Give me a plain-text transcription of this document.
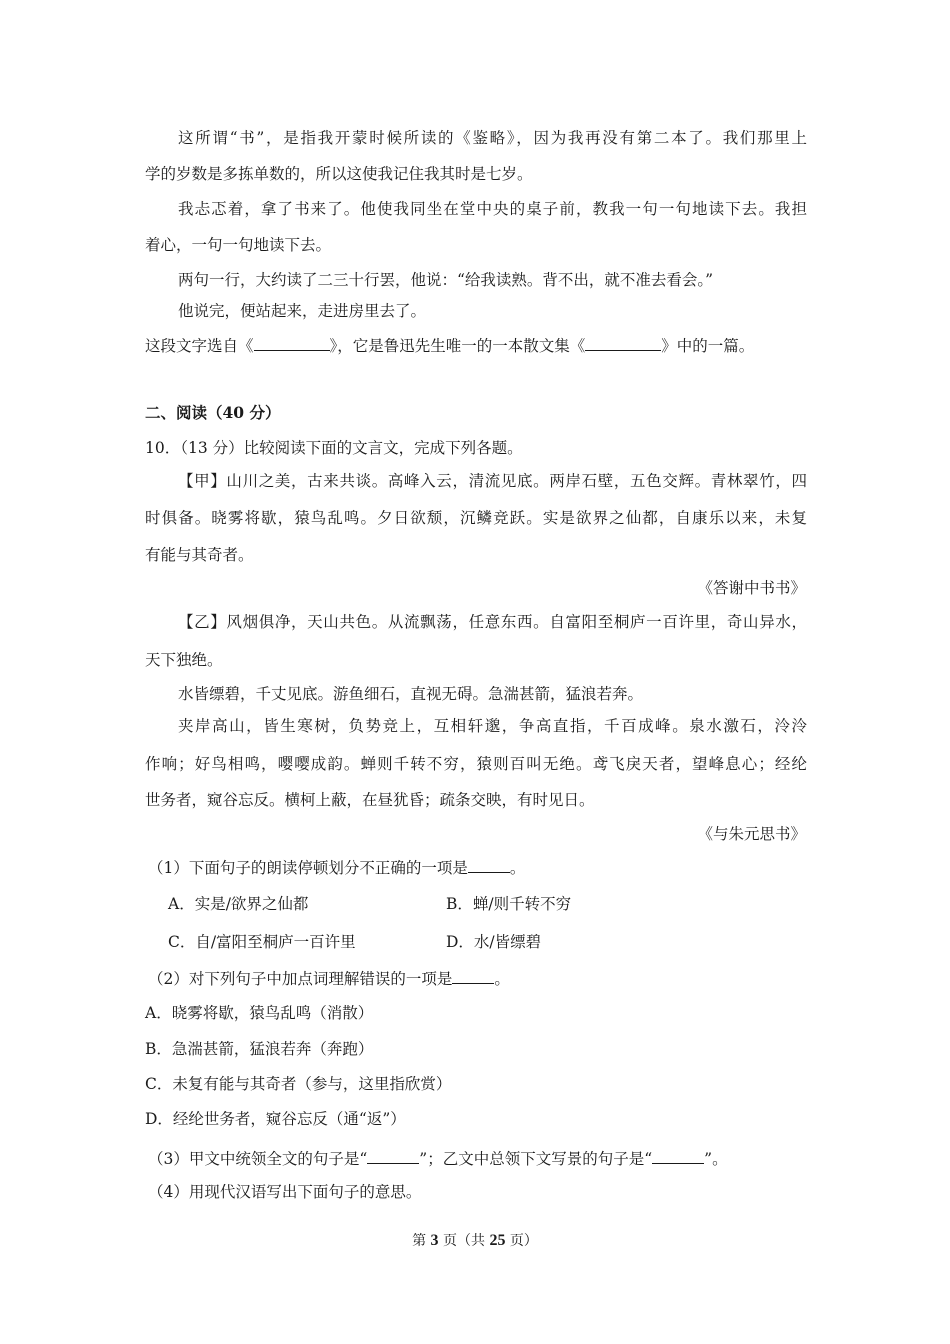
这所谓“书”，是指我开蒙时候所读的《鉴略》，因为我再没有第二本了。我们那里上
学的岁数是多拣单数的，所以这使我记住我其时是七岁。
我忐忑着，拿了书来了。他使我同坐在堂中央的桌子前，教我一句一句地读下去。我担
着心，一句一句地读下去。
两句一行，大约读了二三十行罢，他说：“给我读熟。背不出，就不准去看会。”
他说完，便站起来，走进房里去了。
这段文字选自《	》，它是鲁迅先生唯一的一本散文集《	》中的一篇。
二、阅读（40 分）
10．（13 分）比较阅读下面的文言文，完成下列各题。
【甲】山川之美，古来共谈。高峰入云，清流见底。两岸石壁，五色交辉。青林翠竹，四
时俱备。晓雾将歇，猿鸟乱鸣。夕日欲颓，沉鳞竞跃。实是欲界之仙都，自康乐以来，未复
有能与其奇者。
《答谢中书书》
【乙】风烟俱净，天山共色。从流飘荡，任意东西。自富阳至桐庐一百许里，奇山异水，
天下独绝。
水皆缥碧，千丈见底。游鱼细石，直视无碍。急湍甚箭，猛浪若奔。
夹岸高山，皆生寒树，负势竞上，互相轩邈，争高直指，千百成峰。泉水激石，泠泠
作响；好鸟相鸣，嘤嘤成韵。蝉则千转不穷，猿则百叫无绝。鸢飞戾天者，望峰息心；经纶
世务者，窥谷忘反。横柯上蔽，在昼犹昏；疏条交映，有时见日。
《与朱元思书》
（1）下面句子的朗读停顿划分不正确的一项是	。
A．实是/欲界之仙都	B．蝉/则千转不穷
C．自/富阳至桐庐一百许里	D．水/皆缥碧
（2）对下列句子中加点词理解错误的一项是	。
A．晓雾将歇，猿鸟乱鸣（消散）
B．急湍甚箭，猛浪若奔（奔跑）
C．未复有能与其奇者（参与，这里指欣赏）
D．经纶世务者，窥谷忘反（通“返”）
（3）甲文中统领全文的句子是“	”；乙文中总领下文写景的句子是“	”。
（4）用现代汉语写出下面句子的意思。
第 3 页（共 25 页）
